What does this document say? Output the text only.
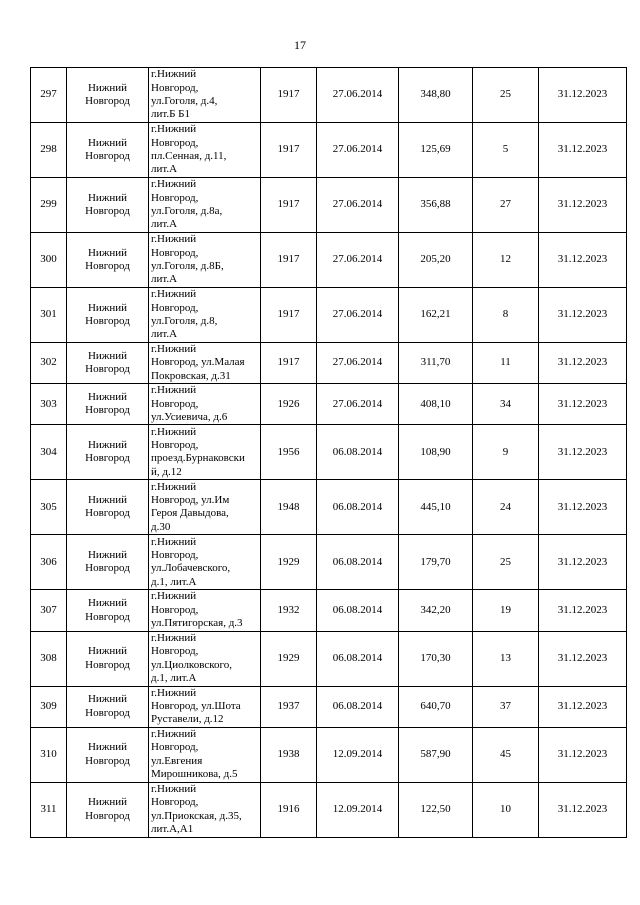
17
297	Нижний
Новгород	г.Нижний
Новгород,
ул.Гоголя, д.4,
лит.Б Б1	1917	27.06.2014	348,80	25	31.12.2023
298	Нижний
Новгород	г.Нижний
Новгород,
пл.Сенная, д.11,
лит.А	1917	27.06.2014	125,69	5	31.12.2023
299	Нижний
Новгород	г.Нижний
Новгород,
ул.Гоголя, д.8а,
лит.А	1917	27.06.2014	356,88	27	31.12.2023
300	Нижний
Новгород	г.Нижний
Новгород,
ул.Гоголя, д.8Б,
лит.А	1917	27.06.2014	205,20	12	31.12.2023
301	Нижний
Новгород	г.Нижний
Новгород,
ул.Гоголя, д.8,
лит.А	1917	27.06.2014	162,21	8	31.12.2023
302	Нижний
Новгород	г.Нижний
Новгород, ул.Малая
Покровская, д.31	1917	27.06.2014	311,70	11	31.12.2023
303	Нижний
Новгород	г.Нижний
Новгород,
ул.Усиевича, д.6	1926	27.06.2014	408,10	34	31.12.2023
304	Нижний
Новгород	г.Нижний
Новгород,
проезд.Бурнаковски
й, д.12	1956	06.08.2014	108,90	9	31.12.2023
305	Нижний
Новгород	г.Нижний
Новгород, ул.Им
Героя Давыдова,
д.30	1948	06.08.2014	445,10	24	31.12.2023
306	Нижний
Новгород	г.Нижний
Новгород,
ул.Лобачевского,
д.1, лит.А	1929	06.08.2014	179,70	25	31.12.2023
307	Нижний
Новгород	г.Нижний
Новгород,
ул.Пятигорская, д.3	1932	06.08.2014	342,20	19	31.12.2023
308	Нижний
Новгород	г.Нижний
Новгород,
ул.Циолковского,
д.1, лит.А	1929	06.08.2014	170,30	13	31.12.2023
309	Нижний
Новгород	г.Нижний
Новгород, ул.Шота
Руставели, д.12	1937	06.08.2014	640,70	37	31.12.2023
310	Нижний
Новгород	г.Нижний
Новгород,
ул.Евгения
Мирошникова, д.5	1938	12.09.2014	587,90	45	31.12.2023
311	Нижний
Новгород	г.Нижний
Новгород,
ул.Приокская, д.35,
лит.А,А1	1916	12.09.2014	122,50	10	31.12.2023
